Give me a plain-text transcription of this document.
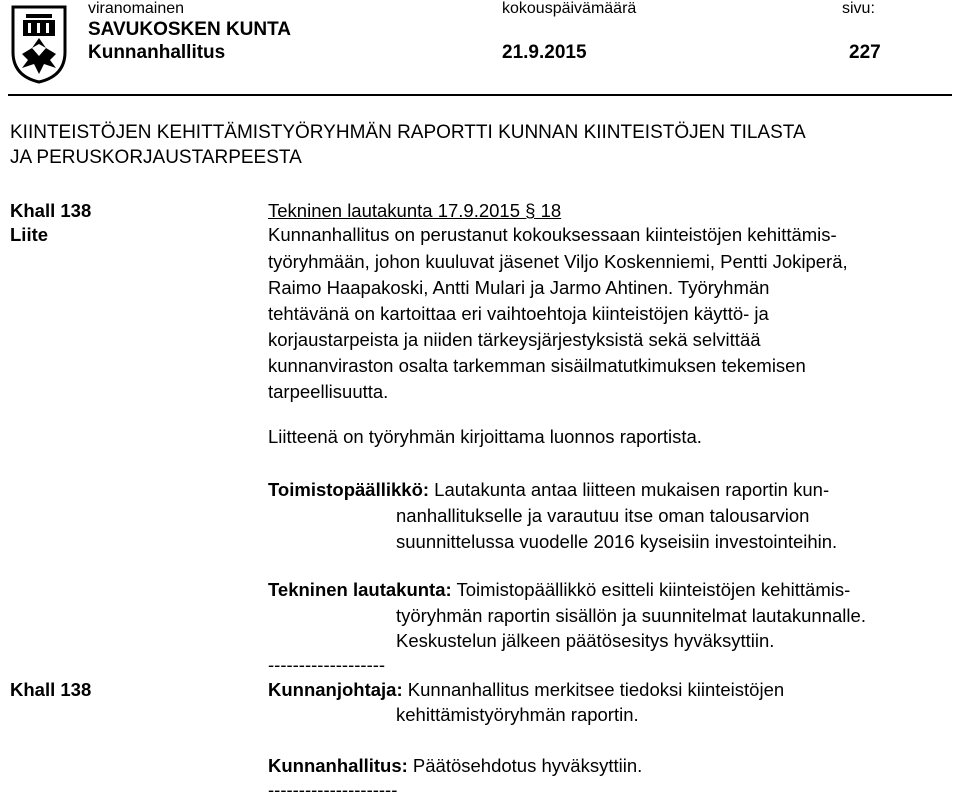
viranomainen	kokouspäivämäärä	sivu:
SAVUKOSKEN KUNTA
Kunnanhallitus	21.9.2015	227
KIINTEISTÖJEN KEHITTÄMISTYÖRYHMÄN RAPORTTI KUNNAN KIINTEISTÖJEN TILASTA
JA PERUSKORJAUSTARPEESTA
Khall 138
Liite
Khall 138
Tekninen lautakunta 17.9.2015 § 18
Kunnanhallitus on perustanut kokouksessaan kiinteistöjen kehittämis-
työryhmään, johon kuuluvat jäsenet Viljo Koskenniemi, Pentti Jokiperä,
Raimo Haapakoski, Antti Mulari ja Jarmo Ahtinen. Työryhmän
tehtävänä on kartoittaa eri vaihtoehtoja kiinteistöjen käyttö- ja
korjaustarpeista ja niiden tärkeysjärjestyksistä sekä selvittää
kunnanviraston osalta tarkemman sisäilmatutkimuksen tekemisen
tarpeellisuutta.
Liitteenä on työryhmän kirjoittama luonnos raportista.
Toimistopäällikkö: Lautakunta antaa liitteen mukaisen raportin kun-
nanhallitukselle ja varautuu itse oman talousarvion
suunnittelussa vuodelle 2016 kyseisiin investointeihin.
Tekninen lautakunta: Toimistopäällikkö esitteli kiinteistöjen kehittämis-
työryhmän raportin sisällön ja suunnitelmat lautakunnalle.
Keskustelun jälkeen päätösesitys hyväksyttiin.
-------------------
Kunnanjohtaja: Kunnanhallitus merkitsee tiedoksi kiinteistöjen
kehittämistyöryhmän raportin.
Kunnanhallitus: Päätösehdotus hyväksyttiin.
---------------------
